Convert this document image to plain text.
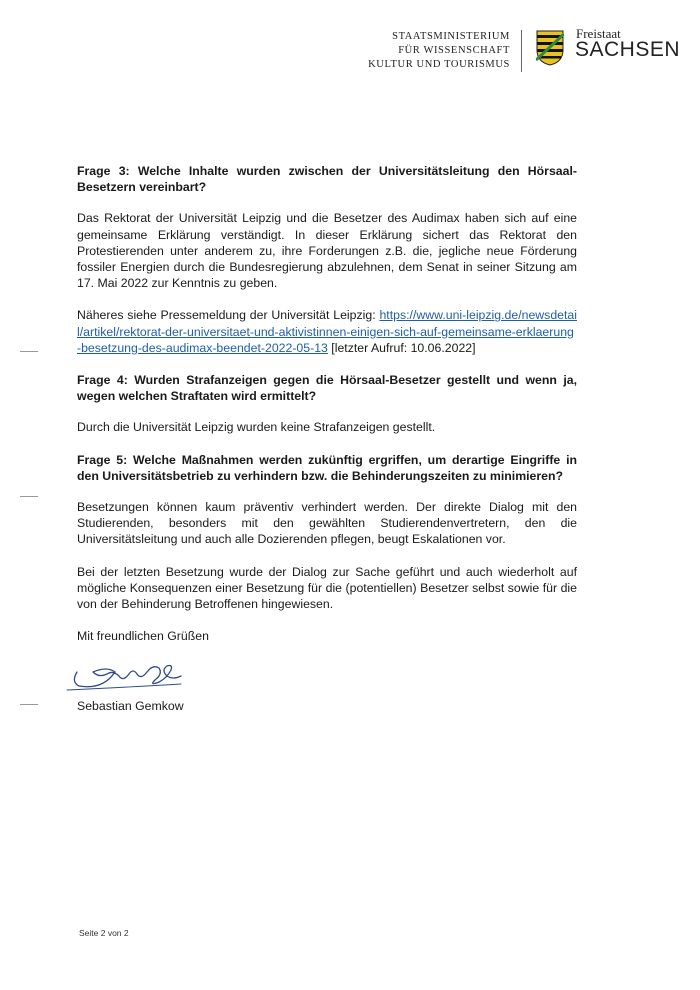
STAATSMINISTERIUM
FÜR WISSENSCHAFT
KULTUR UND TOURISMUS
Freistaat
SACHSEN

Frage 3: Welche Inhalte wurden zwischen der Universitätsleitung den Hörsaal-Besetzern vereinbart?

Das Rektorat der Universität Leipzig und die Besetzer des Audimax haben sich auf eine gemeinsame Erklärung verständigt. In dieser Erklärung sichert das Rektorat den Protestierenden unter anderem zu, ihre Forderungen z.B. die, jegliche neue Förderung fossiler Energien durch die Bundesregierung abzulehnen, dem Senat in seiner Sitzung am 17. Mai 2022 zur Kenntnis zu geben.

Näheres siehe Pressemeldung der Universität Leipzig: https://www.uni-leipzig.de/newsdetail/artikel/rektorat-der-universitaet-und-aktivistinnen-einigen-sich-auf-gemeinsame-erklaerung-besetzung-des-audimax-beendet-2022-05-13 [letzter Aufruf: 10.06.2022]

Frage 4: Wurden Strafanzeigen gegen die Hörsaal-Besetzer gestellt und wenn ja, wegen welchen Straftaten wird ermittelt?

Durch die Universität Leipzig wurden keine Strafanzeigen gestellt.

Frage 5: Welche Maßnahmen werden zukünftig ergriffen, um derartige Eingriffe in den Universitätsbetrieb zu verhindern bzw. die Behinderungszeiten zu minimieren?

Besetzungen können kaum präventiv verhindert werden. Der direkte Dialog mit den Studierenden, besonders mit den gewählten Studierendenvertretern, den die Universitätsleitung und auch alle Dozierenden pflegen, beugt Eskalationen vor.

Bei der letzten Besetzung wurde der Dialog zur Sache geführt und auch wiederholt auf mögliche Konsequenzen einer Besetzung für die (potentiellen) Besetzer selbst sowie für die von der Behinderung Betroffenen hingewiesen.

Mit freundlichen Grüßen

Sebastian Gemkow

Seite 2 von 2
